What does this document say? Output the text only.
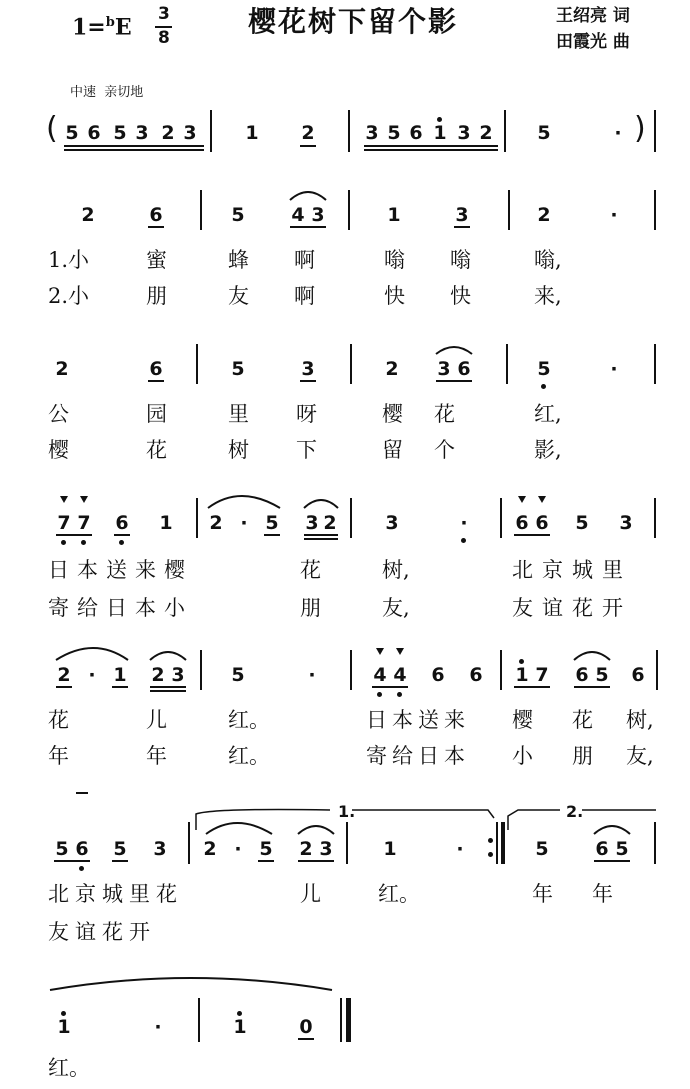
1=$^b$E
3
8	樱花树下留个影	王绍亮 词
田霞光 曲
中速  亲切地
(	)
5 6 5 3 2 3	1 2	3 5 6 1 3 2 5	·
2	6	5 4 3	1	3	2	·
1.小	蜜	蜂 啊	嗡 嗡	嗡,
2.小	朋	友 啊	快 快	来,
2	6	5	3	2 3 6	5	·
公	园	里 呀	樱 花	红,
樱	花	树 下	留 个	影,
7 7 6 1 2 · 5 3 2	3	·	6 6 5 3
日本送来樱	花	树,	北京城里
寄给日本小	朋	友,	友谊花开
2 · 1 2 3 5	·	4 4 6 6 1 7 6 5 6
花	儿	红。	日本送来 樱 花 树,
年	年	红。	寄给日本 小 朋 友,
1.	2.
5 6 5 3 2 · 5 2 3	1	·	5 6 5
北京城里花	儿	红。	年 年
友谊花开
1	·	1	0
红。
